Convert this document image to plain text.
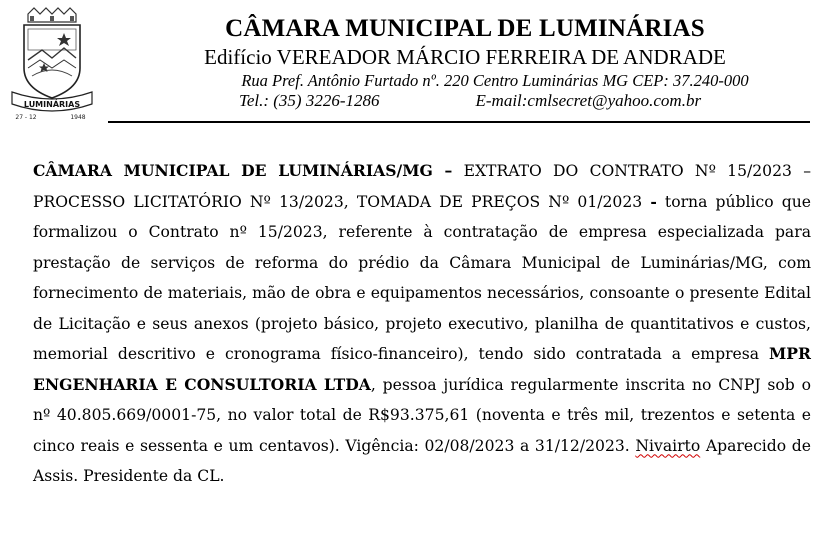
LUMINÁRIAS
27 - 12	1948
CÂMARA MUNICIPAL DE LUMINÁRIAS
Edifício VEREADOR MÁRCIO FERREIRA DE ANDRADE
Rua Pref. Antônio Furtado nº. 220 Centro Luminárias MG CEP: 37.240-000
Tel.: (35) 3226-1286	E-mail:cmlsecret@yahoo.com.br

CÂMARA MUNICIPAL DE LUMINÁRIAS/MG – EXTRATO DO CONTRATO Nº 15/2023 – PROCESSO LICITATÓRIO Nº 13/2023, TOMADA DE PREÇOS Nº 01/2023 - torna público que formalizou o Contrato nº 15/2023, referente à contratação de empresa especializada para prestação de serviços de reforma do prédio da Câmara Municipal de Luminárias/MG, com fornecimento de materiais, mão de obra e equipamentos necessários, consoante o presente Edital de Licitação e seus anexos (projeto básico, projeto executivo, planilha de quantitativos e custos, memorial descritivo e cronograma físico-financeiro), tendo sido contratada a empresa MPR ENGENHARIA E CONSULTORIA LTDA, pessoa jurídica regularmente inscrita no CNPJ sob o nº 40.805.669/0001-75, no valor total de R$93.375,61 (noventa e três mil, trezentos e setenta e cinco reais e sessenta e um centavos). Vigência: 02/08/2023 a 31/12/2023. Nivairto Aparecido de Assis. Presidente da CL.
